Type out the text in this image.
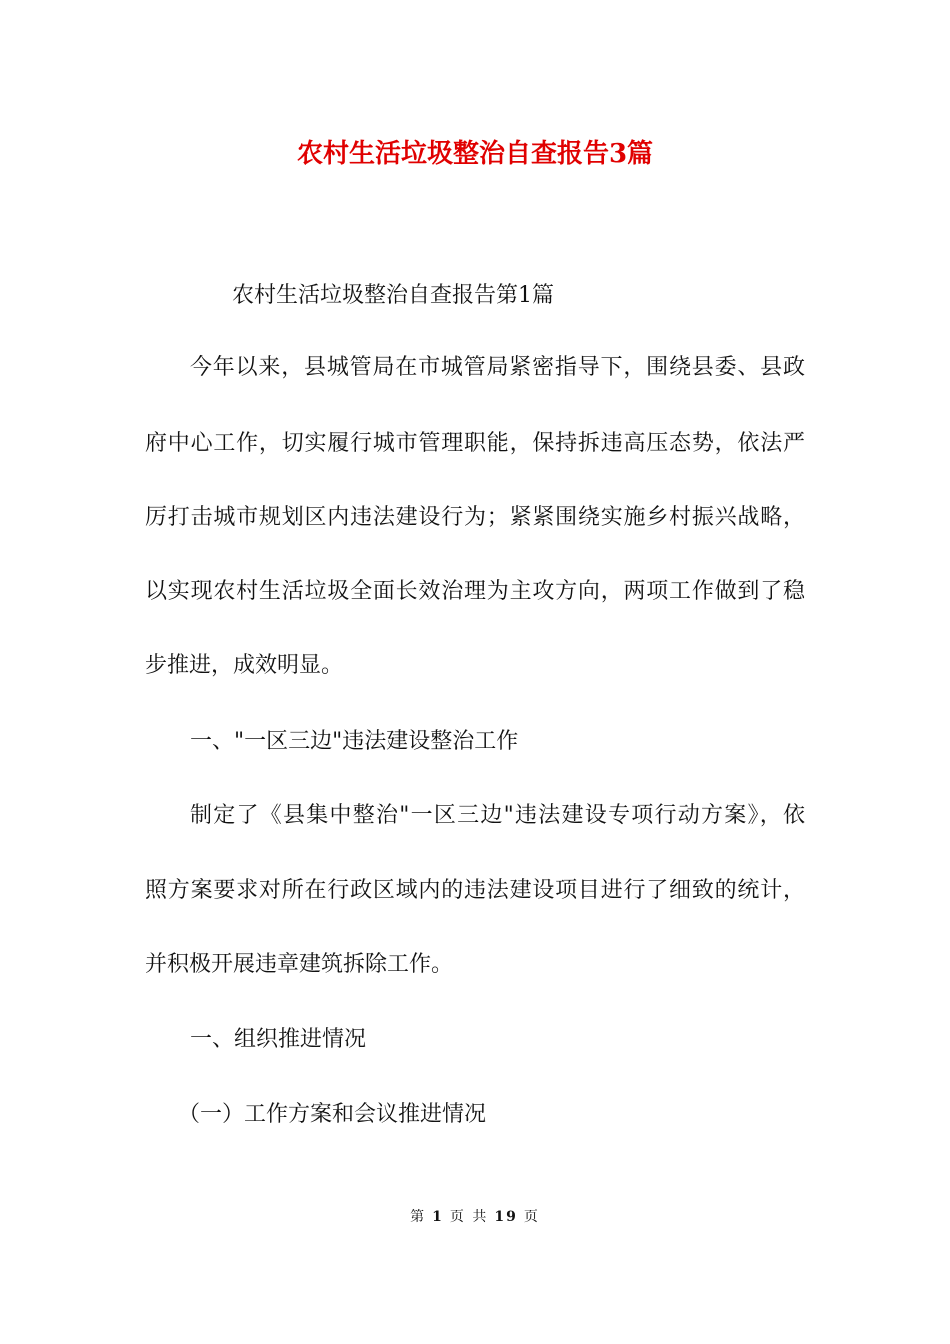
农村生活垃圾整治自查报告3篇
农村生活垃圾整治自查报告第1篇
今年以来，县城管局在市城管局紧密指导下，围绕县委、县政
府中心工作，切实履行城市管理职能，保持拆违高压态势，依法严
厉打击城市规划区内违法建设行为；紧紧围绕实施乡村振兴战略，
以实现农村生活垃圾全面长效治理为主攻方向，两项工作做到了稳
步推进，成效明显。
一、"一区三边"违法建设整治工作
制定了《县集中整治"一区三边"违法建设专项行动方案》，依
照方案要求对所在行政区域内的违法建设项目进行了细致的统计，
并积极开展违章建筑拆除工作。
一、组织推进情况
（一）工作方案和会议推进情况
第 1 页 共 19 页
